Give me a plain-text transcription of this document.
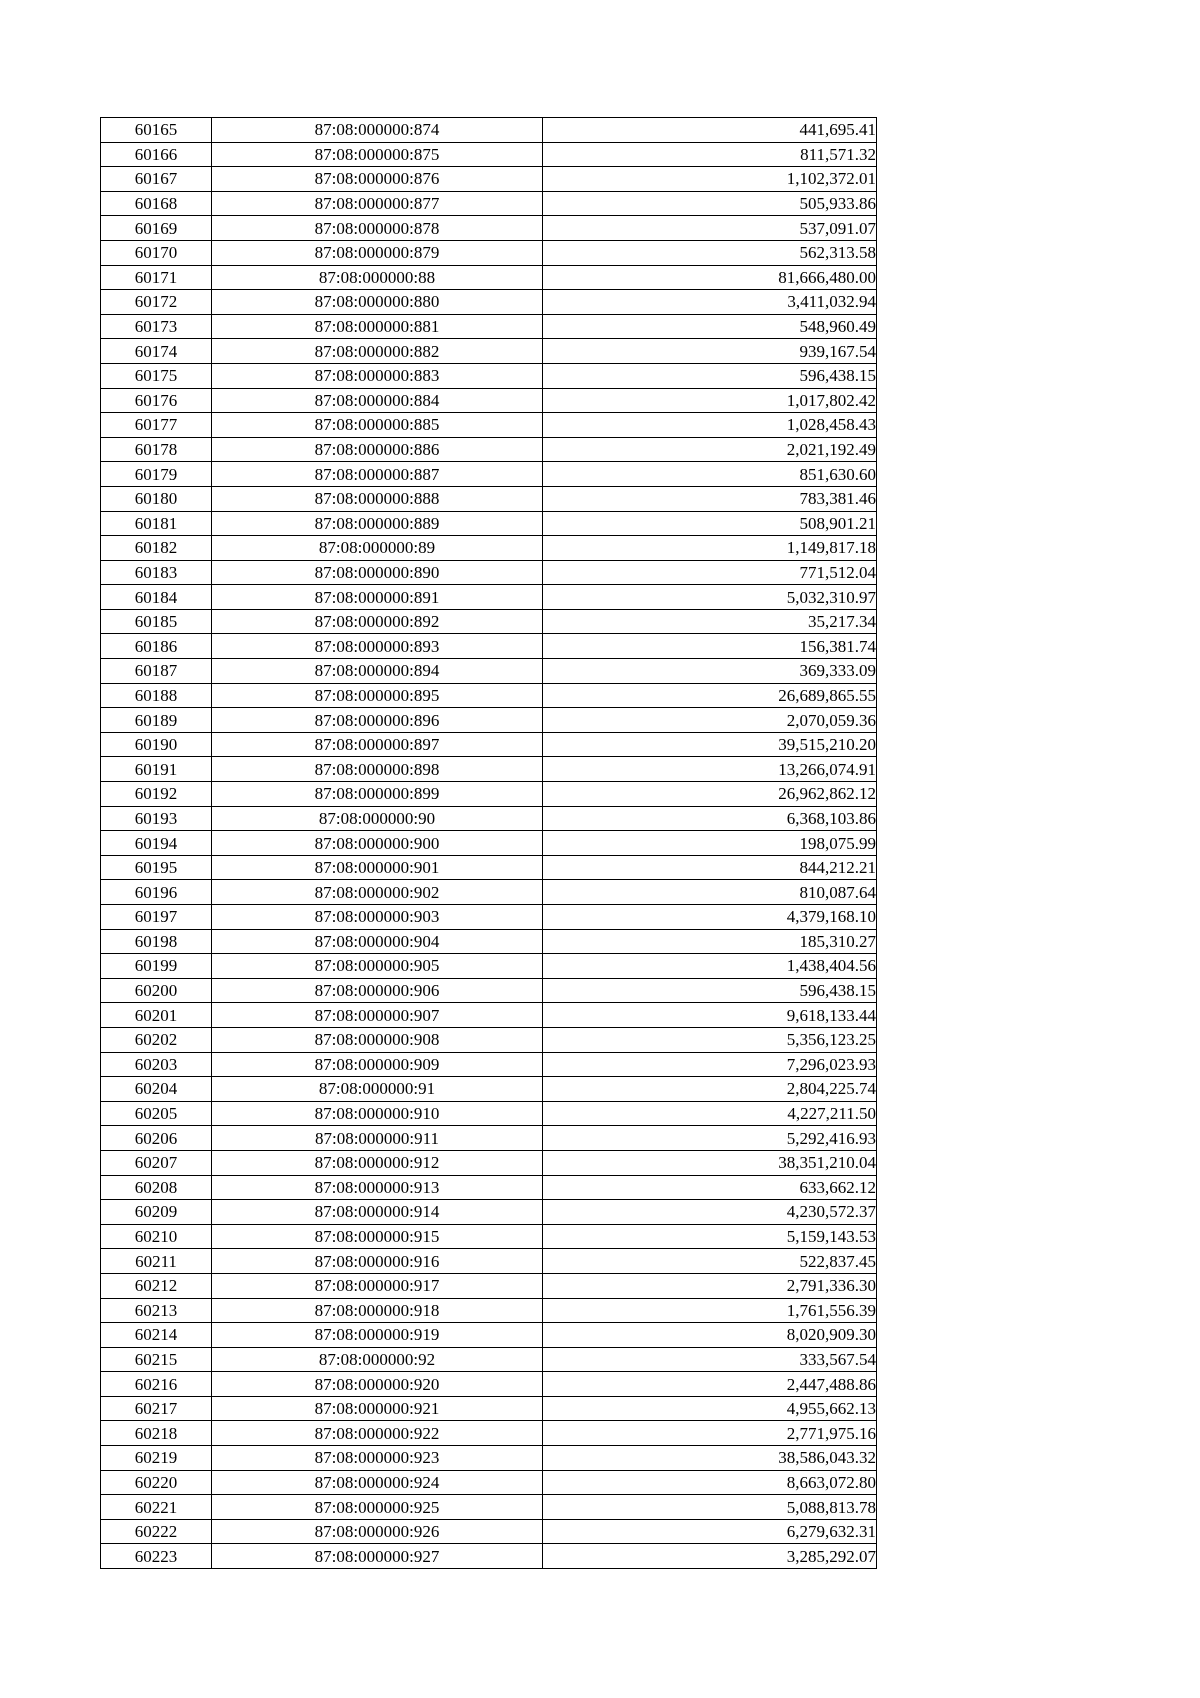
60165	87:08:000000:874	441,695.41
60166	87:08:000000:875	811,571.32
60167	87:08:000000:876	1,102,372.01
60168	87:08:000000:877	505,933.86
60169	87:08:000000:878	537,091.07
60170	87:08:000000:879	562,313.58
60171	87:08:000000:88	81,666,480.00
60172	87:08:000000:880	3,411,032.94
60173	87:08:000000:881	548,960.49
60174	87:08:000000:882	939,167.54
60175	87:08:000000:883	596,438.15
60176	87:08:000000:884	1,017,802.42
60177	87:08:000000:885	1,028,458.43
60178	87:08:000000:886	2,021,192.49
60179	87:08:000000:887	851,630.60
60180	87:08:000000:888	783,381.46
60181	87:08:000000:889	508,901.21
60182	87:08:000000:89	1,149,817.18
60183	87:08:000000:890	771,512.04
60184	87:08:000000:891	5,032,310.97
60185	87:08:000000:892	35,217.34
60186	87:08:000000:893	156,381.74
60187	87:08:000000:894	369,333.09
60188	87:08:000000:895	26,689,865.55
60189	87:08:000000:896	2,070,059.36
60190	87:08:000000:897	39,515,210.20
60191	87:08:000000:898	13,266,074.91
60192	87:08:000000:899	26,962,862.12
60193	87:08:000000:90	6,368,103.86
60194	87:08:000000:900	198,075.99
60195	87:08:000000:901	844,212.21
60196	87:08:000000:902	810,087.64
60197	87:08:000000:903	4,379,168.10
60198	87:08:000000:904	185,310.27
60199	87:08:000000:905	1,438,404.56
60200	87:08:000000:906	596,438.15
60201	87:08:000000:907	9,618,133.44
60202	87:08:000000:908	5,356,123.25
60203	87:08:000000:909	7,296,023.93
60204	87:08:000000:91	2,804,225.74
60205	87:08:000000:910	4,227,211.50
60206	87:08:000000:911	5,292,416.93
60207	87:08:000000:912	38,351,210.04
60208	87:08:000000:913	633,662.12
60209	87:08:000000:914	4,230,572.37
60210	87:08:000000:915	5,159,143.53
60211	87:08:000000:916	522,837.45
60212	87:08:000000:917	2,791,336.30
60213	87:08:000000:918	1,761,556.39
60214	87:08:000000:919	8,020,909.30
60215	87:08:000000:92	333,567.54
60216	87:08:000000:920	2,447,488.86
60217	87:08:000000:921	4,955,662.13
60218	87:08:000000:922	2,771,975.16
60219	87:08:000000:923	38,586,043.32
60220	87:08:000000:924	8,663,072.80
60221	87:08:000000:925	5,088,813.78
60222	87:08:000000:926	6,279,632.31
60223	87:08:000000:927	3,285,292.07
